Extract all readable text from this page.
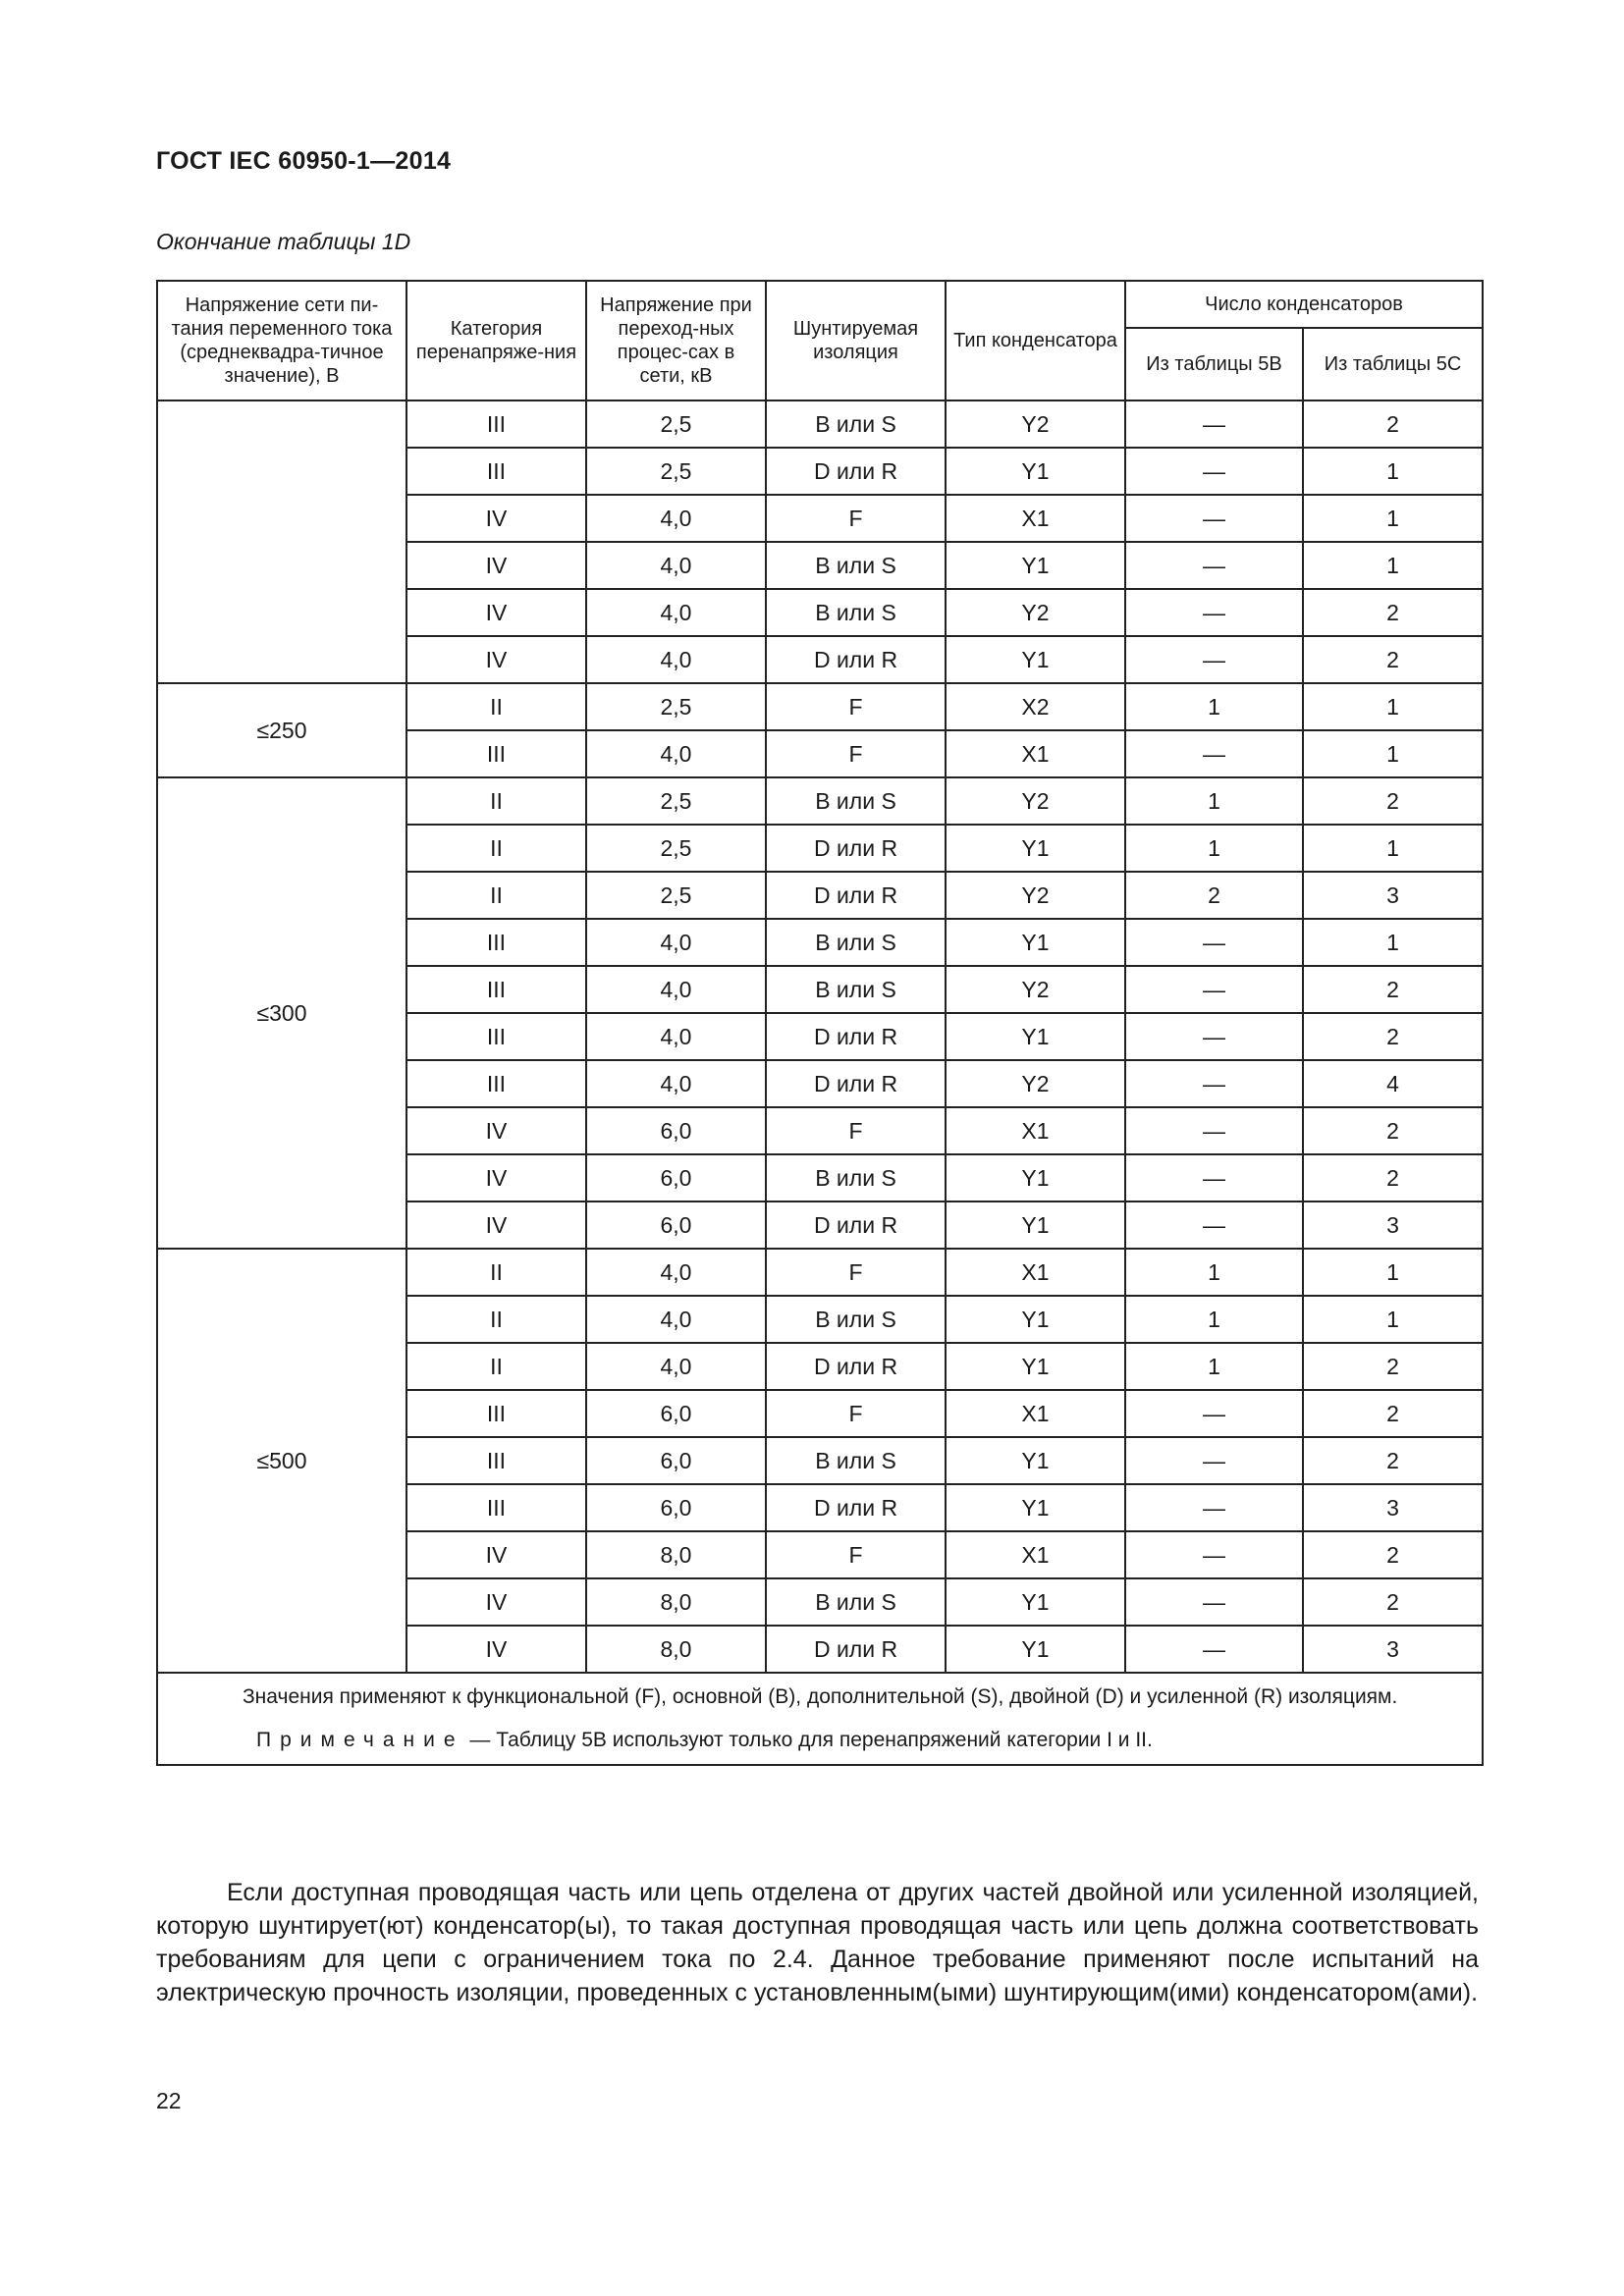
ГОСТ IEC 60950-1—2014
Окончание таблицы 1D
Напряжение сети пи-тания переменного тока (среднеквадра-тичное значение), В	Категория перенапряже-ния	Напряжение при переход-ных процес-сах в сети, кВ	Шунтируемая изоляция	Тип конденсатора	Число конденсаторов	
					Из таблицы 5B	Из таблицы 5C
	III	2,5	B или S	Y2	—	2
	III	2,5	D или R	Y1	—	1
	IV	4,0	F	X1	—	1
	IV	4,0	B или S	Y1	—	1
	IV	4,0	B или S	Y2	—	2
	IV	4,0	D или R	Y1	—	2
≤250	II	2,5	F	X2	1	1
	III	4,0	F	X1	—	1
≤300	II	2,5	B или S	Y2	1	2
	II	2,5	D или R	Y1	1	1
	II	2,5	D или R	Y2	2	3
	III	4,0	B или S	Y1	—	1
	III	4,0	B или S	Y2	—	2
	III	4,0	D или R	Y1	—	2
	III	4,0	D или R	Y2	—	4
	IV	6,0	F	X1	—	2
	IV	6,0	B или S	Y1	—	2
	IV	6,0	D или R	Y1	—	3
≤500	II	4,0	F	X1	1	1
	II	4,0	B или S	Y1	1	1
	II	4,0	D или R	Y1	1	2
	III	6,0	F	X1	—	2
	III	6,0	B или S	Y1	—	2
	III	6,0	D или R	Y1	—	3
	IV	8,0	F	X1	—	2
	IV	8,0	B или S	Y1	—	2
	IV	8,0	D или R	Y1	—	3

Значения применяют к функциональной (F), основной (B), дополнительной (S), двойной (D) и усиленной (R) изоляциям.

Примечание — Таблицу 5B используют только для перенапряжений категории I и II.						

Если доступная проводящая часть или цепь отделена от других частей двойной или усиленной изоляцией, которую шунтирует(ют) конденсатор(ы), то такая доступная проводящая часть или цепь должна соответствовать требованиям для цепи с ограничением тока по 2.4. Данное требование применяют после испытаний на электрическую прочность изоляции, проведенных с установленным(ыми) шунтирующим(ими) конденсатором(ами).

22
